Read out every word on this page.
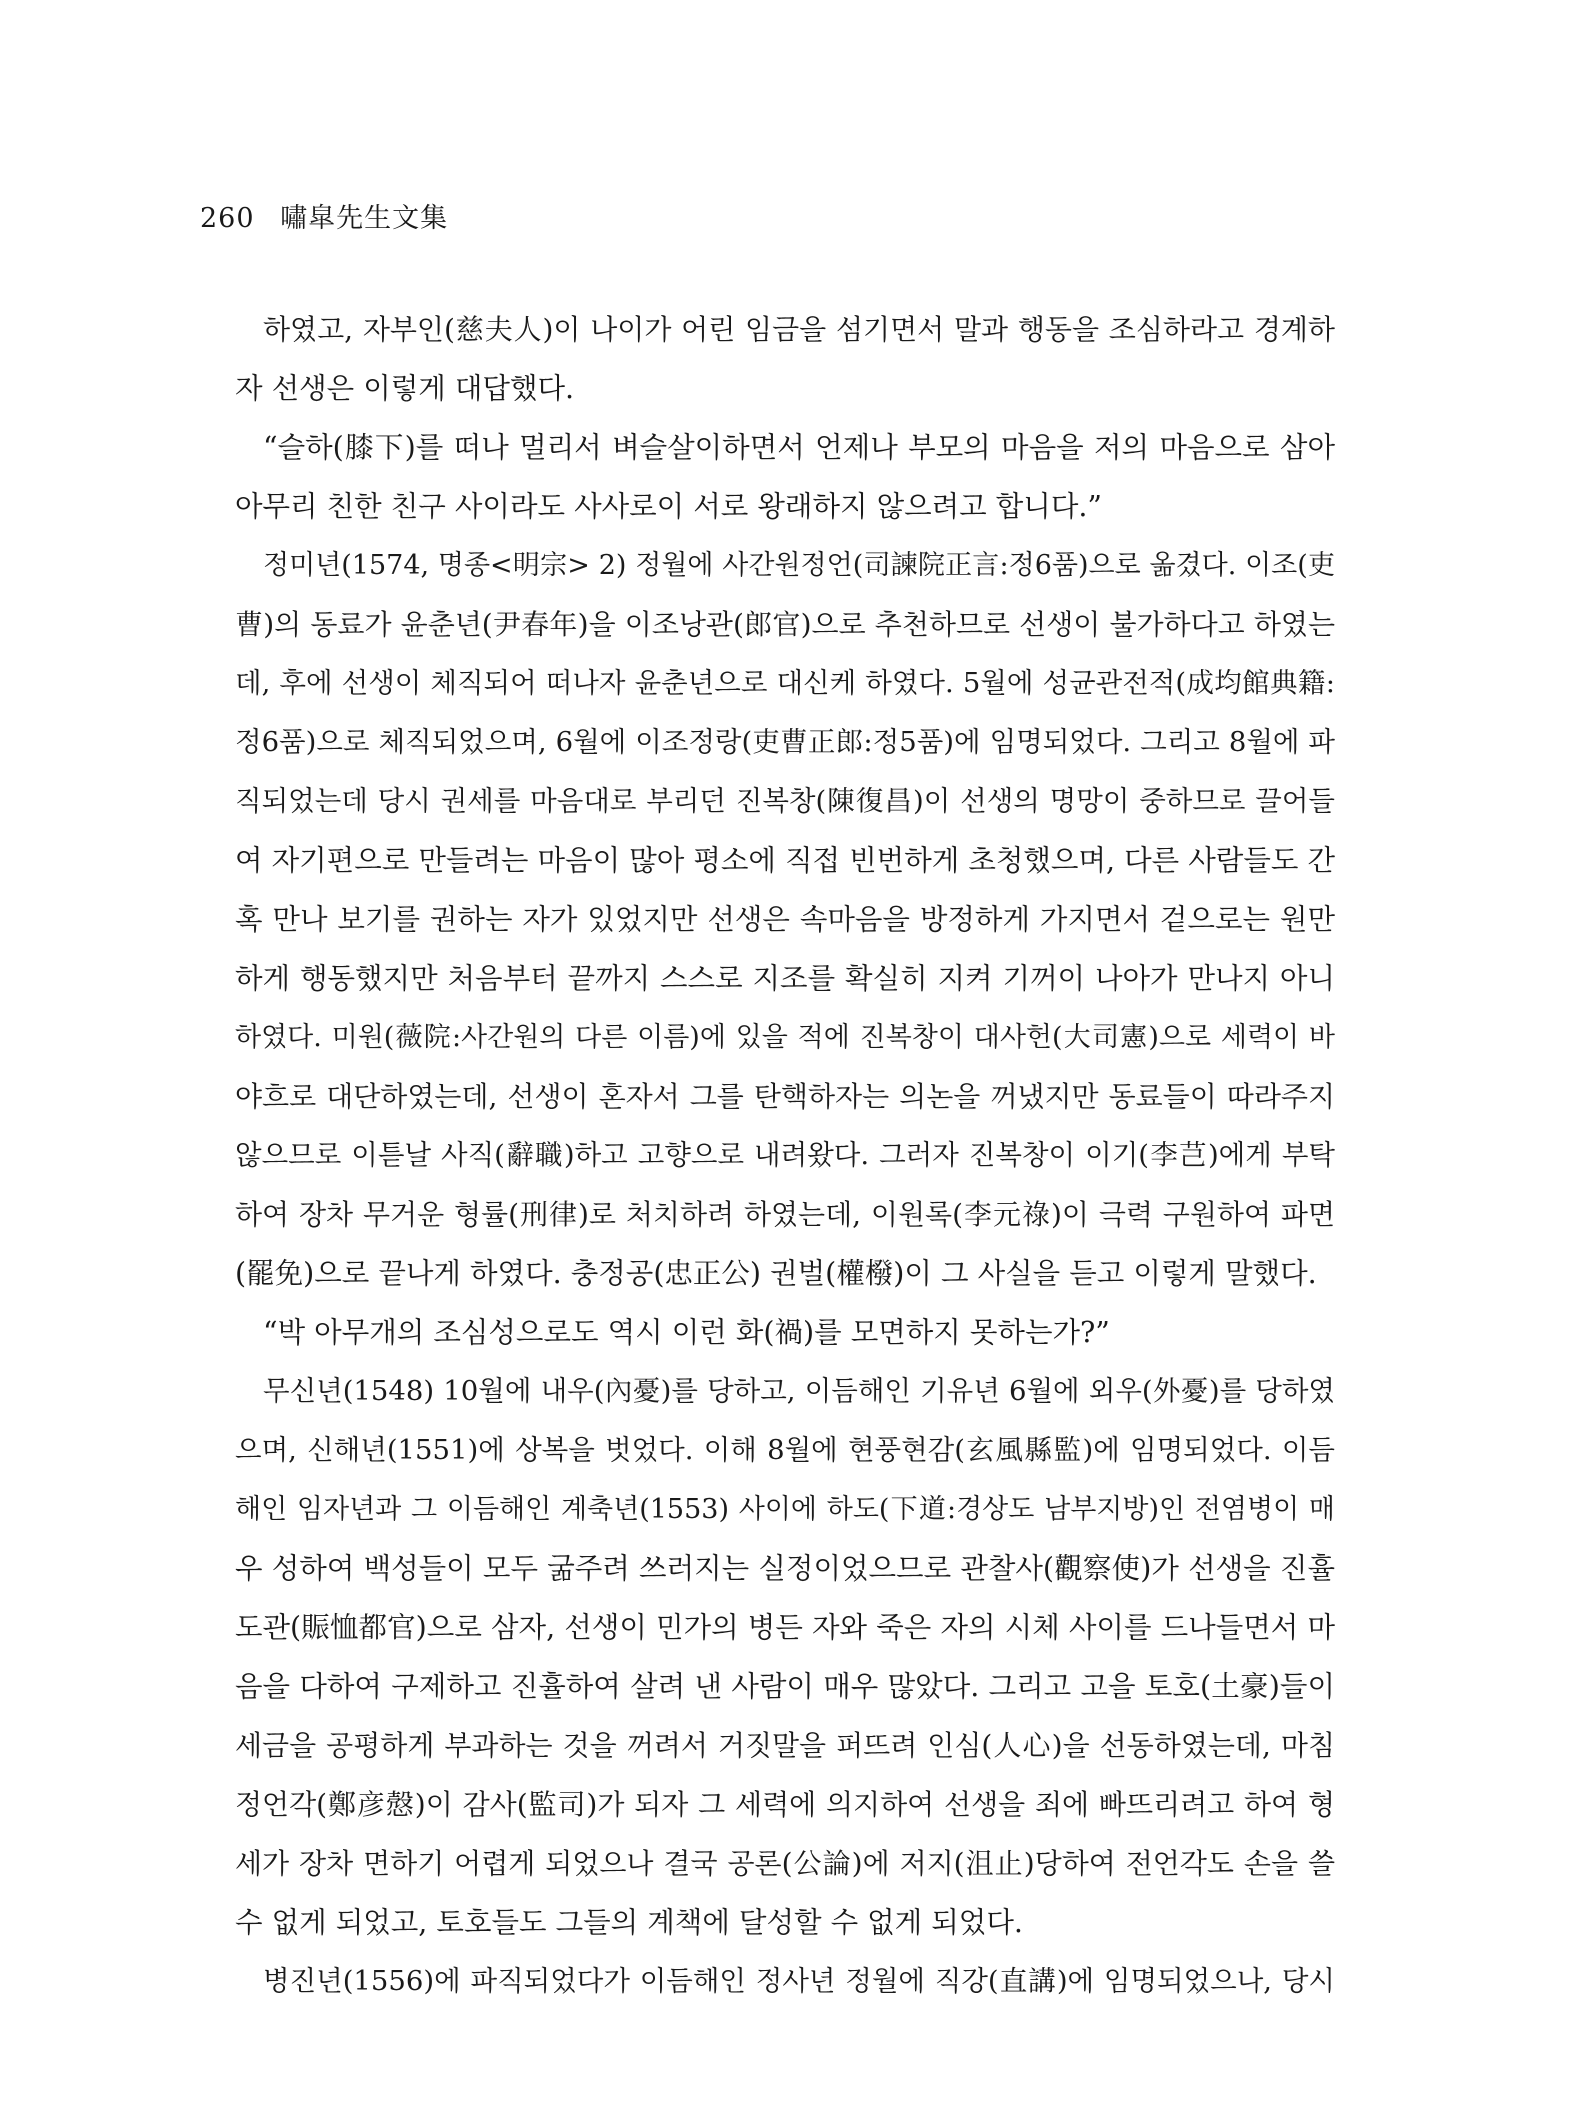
260 嘯皐先生文集
하였고, 자부인(慈夫人)이 나이가 어린 임금을 섬기면서 말과 행동을 조심하라고 경계하
자 선생은 이렇게 대답했다.
“슬하(膝下)를 떠나 멀리서 벼슬살이하면서 언제나 부모의 마음을 저의 마음으로 삼아
아무리 친한 친구 사이라도 사사로이 서로 왕래하지 않으려고 합니다.”
정미년(1574, 명종<明宗> 2) 정월에 사간원정언(司諫院正言:정6품)으로 옮겼다. 이조(吏
曹)의 동료가 윤춘년(尹春年)을 이조낭관(郎官)으로 추천하므로 선생이 불가하다고 하였는
데, 후에 선생이 체직되어 떠나자 윤춘년으로 대신케 하였다. 5월에 성균관전적(成均館典籍:
정6품)으로 체직되었으며, 6월에 이조정랑(吏曹正郎:정5품)에 임명되었다. 그리고 8월에 파
직되었는데 당시 권세를 마음대로 부리던 진복창(陳復昌)이 선생의 명망이 중하므로 끌어들
여 자기편으로 만들려는 마음이 많아 평소에 직접 빈번하게 초청했으며, 다른 사람들도 간
혹 만나 보기를 권하는 자가 있었지만 선생은 속마음을 방정하게 가지면서 겉으로는 원만
하게 행동했지만 처음부터 끝까지 스스로 지조를 확실히 지켜 기꺼이 나아가 만나지 아니
하였다. 미원(薇院:사간원의 다른 이름)에 있을 적에 진복창이 대사헌(大司憲)으로 세력이 바
야흐로 대단하였는데, 선생이 혼자서 그를 탄핵하자는 의논을 꺼냈지만 동료들이 따라주지
않으므로 이튿날 사직(辭職)하고 고향으로 내려왔다. 그러자 진복창이 이기(李芑)에게 부탁
하여 장차 무거운 형률(刑律)로 처치하려 하였는데, 이원록(李元祿)이 극력 구원하여 파면
(罷免)으로 끝나게 하였다. 충정공(忠正公) 권벌(權橃)이 그 사실을 듣고 이렇게 말했다.
“박 아무개의 조심성으로도 역시 이런 화(禍)를 모면하지 못하는가?”
무신년(1548) 10월에 내우(內憂)를 당하고, 이듬해인 기유년 6월에 외우(外憂)를 당하였
으며, 신해년(1551)에 상복을 벗었다. 이해 8월에 현풍현감(玄風縣監)에 임명되었다. 이듬
해인 임자년과 그 이듬해인 계축년(1553) 사이에 하도(下道:경상도 남부지방)인 전염병이 매
우 성하여 백성들이 모두 굶주려 쓰러지는 실정이었으므로 관찰사(觀察使)가 선생을 진휼
도관(賑恤都官)으로 삼자, 선생이 민가의 병든 자와 죽은 자의 시체 사이를 드나들면서 마
음을 다하여 구제하고 진휼하여 살려 낸 사람이 매우 많았다. 그리고 고을 토호(土豪)들이
세금을 공평하게 부과하는 것을 꺼려서 거짓말을 퍼뜨려 인심(人心)을 선동하였는데, 마침
정언각(鄭彦慤)이 감사(監司)가 되자 그 세력에 의지하여 선생을 죄에 빠뜨리려고 하여 형
세가 장차 면하기 어렵게 되었으나 결국 공론(公論)에 저지(沮止)당하여 전언각도 손을 쓸
수 없게 되었고, 토호들도 그들의 계책에 달성할 수 없게 되었다.
병진년(1556)에 파직되었다가 이듬해인 정사년 정월에 직강(直講)에 임명되었으나, 당시
